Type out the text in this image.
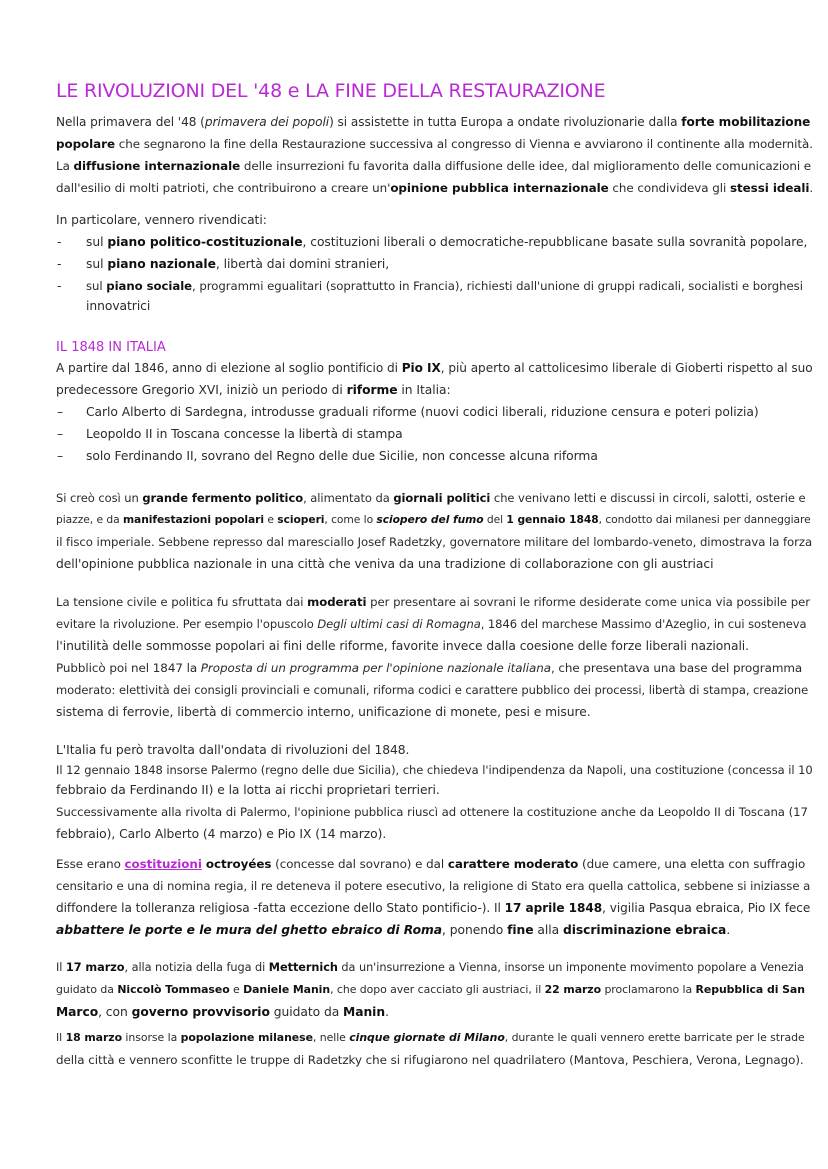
LE RIVOLUZIONI DEL '48 e LA FINE DELLA RESTAURAZIONE

Nella primavera del '48 (primavera dei popoli) si assistette in tutta Europa a ondate rivoluzionarie dalla forte mobilitazione

popolare che segnarono la fine della Restaurazione successiva al congresso di Vienna e avviarono il continente alla modernità.

La diffusione internazionale delle insurrezioni fu favorita dalla diffusione delle idee, dal miglioramento delle comunicazioni e

dall'esilio di molti patrioti, che contribuirono a creare un'opinione pubblica internazionale che condivideva gli stessi ideali.

In particolare, vennero rivendicati:

- sul piano politico-costituzionale, costituzioni liberali o democratiche-repubblicane basate sulla sovranità popolare,

- sul piano nazionale, libertà dai domini stranieri,

- sul piano sociale, programmi egualitari (soprattutto in Francia), richiesti dall'unione di gruppi radicali, socialisti e borghesi

innovatrici

IL 1848 IN ITALIA

A partire dal 1846, anno di elezione al soglio pontificio di Pio IX, più aperto al cattolicesimo liberale di Gioberti rispetto al suo

predecessore Gregorio XVI, iniziò un periodo di riforme in Italia:

– Carlo Alberto di Sardegna, introdusse graduali riforme (nuovi codici liberali, riduzione censura e poteri polizia)

– Leopoldo II in Toscana concesse la libertà di stampa

– solo Ferdinando II, sovrano del Regno delle due Sicilie, non concesse alcuna riforma

Si creò così un grande fermento politico, alimentato da giornali politici che venivano letti e discussi in circoli, salotti, osterie e

piazze, e da manifestazioni popolari e scioperi, come lo sciopero del fumo del 1 gennaio 1848, condotto dai milanesi per danneggiare

il fisco imperiale. Sebbene represso dal maresciallo Josef Radetzky, governatore militare del lombardo-veneto, dimostrava la forza

dell'opinione pubblica nazionale in una città che veniva da una tradizione di collaborazione con gli austriaci

La tensione civile e politica fu sfruttata dai moderati per presentare ai sovrani le riforme desiderate come unica via possibile per

evitare la rivoluzione. Per esempio l'opuscolo Degli ultimi casi di Romagna, 1846 del marchese Massimo d'Azeglio, in cui sosteneva

l'inutilità delle sommosse popolari ai fini delle riforme, favorite invece dalla coesione delle forze liberali nazionali.

Pubblicò poi nel 1847 la Proposta di un programma per l'opinione nazionale italiana, che presentava una base del programma

moderato: elettività dei consigli provinciali e comunali, riforma codici e carattere pubblico dei processi, libertà di stampa, creazione

sistema di ferrovie, libertà di commercio interno, unificazione di monete, pesi e misure.

L'Italia fu però travolta dall'ondata di rivoluzioni del 1848.

Il 12 gennaio 1848 insorse Palermo (regno delle due Sicilia), che chiedeva l'indipendenza da Napoli, una costituzione (concessa il 10

febbraio da Ferdinando II) e la lotta ai ricchi proprietari terrieri.

Successivamente alla rivolta di Palermo, l'opinione pubblica riuscì ad ottenere la costituzione anche da Leopoldo II di Toscana (17

febbraio), Carlo Alberto (4 marzo) e Pio IX (14 marzo).

Esse erano costituzioni octroyées (concesse dal sovrano) e dal carattere moderato (due camere, una eletta con suffragio

censitario e una di nomina regia, il re deteneva il potere esecutivo, la religione di Stato era quella cattolica, sebbene si iniziasse a

diffondere la tolleranza religiosa -fatta eccezione dello Stato pontificio-). Il 17 aprile 1848, vigilia Pasqua ebraica, Pio IX fece

abbattere le porte e le mura del ghetto ebraico di Roma, ponendo fine alla discriminazione ebraica.

Il 17 marzo, alla notizia della fuga di Metternich da un'insurrezione a Vienna, insorse un imponente movimento popolare a Venezia

guidato da Niccolò Tommaseo e Daniele Manin, che dopo aver cacciato gli austriaci, il 22 marzo proclamarono la Repubblica di San

Marco, con governo provvisorio guidato da Manin.

Il 18 marzo insorse la popolazione milanese, nelle cinque giornate di Milano, durante le quali vennero erette barricate per le strade

della città e vennero sconfitte le truppe di Radetzky che si rifugiarono nel quadrilatero (Mantova, Peschiera, Verona, Legnago).
